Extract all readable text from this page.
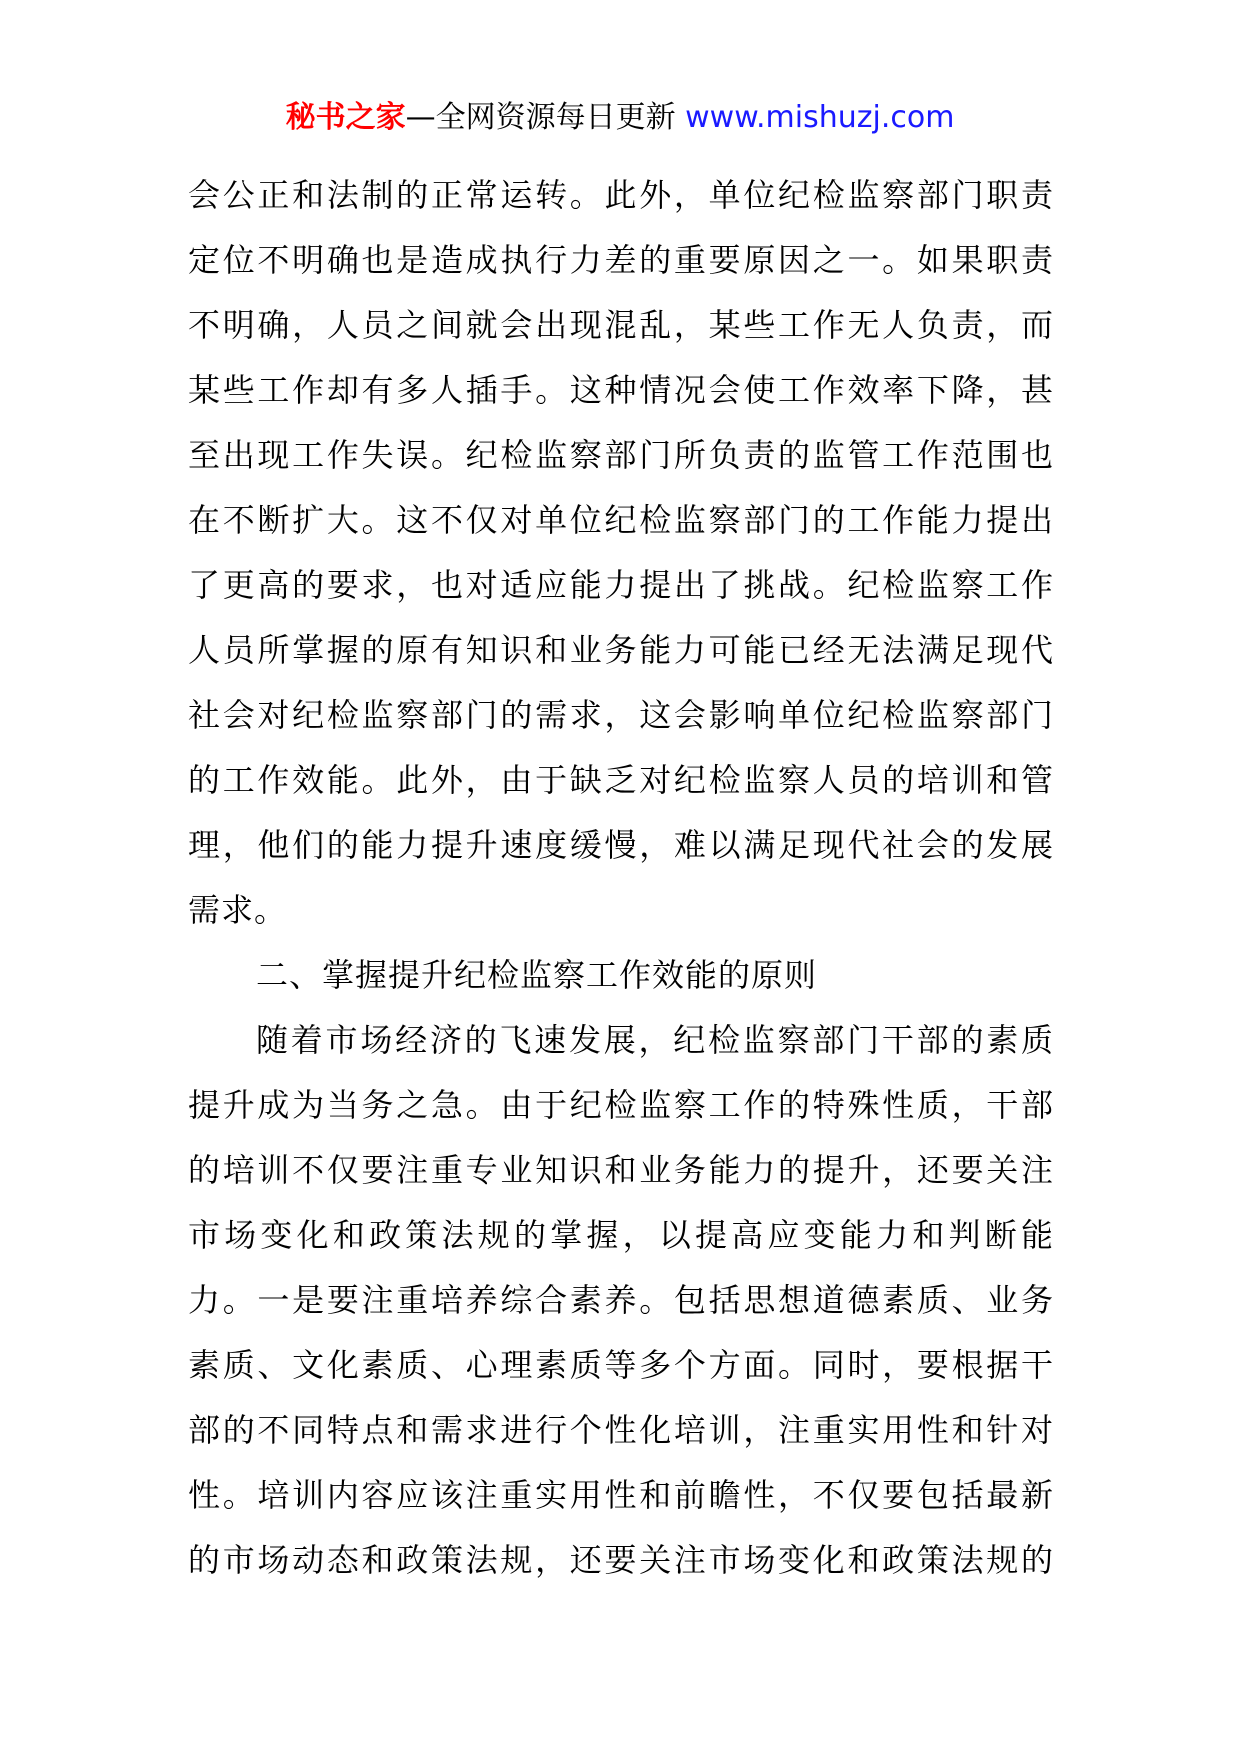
秘书之家—全网资源每日更新 www.mishuzj.com
会公正和法制的正常运转。此外，单位纪检监察部门职责
定位不明确也是造成执行力差的重要原因之一。如果职责
不明确，人员之间就会出现混乱，某些工作无人负责，而
某些工作却有多人插手。这种情况会使工作效率下降，甚
至出现工作失误。纪检监察部门所负责的监管工作范围也
在不断扩大。这不仅对单位纪检监察部门的工作能力提出
了更高的要求，也对适应能力提出了挑战。纪检监察工作
人员所掌握的原有知识和业务能力可能已经无法满足现代
社会对纪检监察部门的需求，这会影响单位纪检监察部门
的工作效能。此外，由于缺乏对纪检监察人员的培训和管
理，他们的能力提升速度缓慢，难以满足现代社会的发展
需求。
二、掌握提升纪检监察工作效能的原则
随着市场经济的飞速发展，纪检监察部门干部的素质
提升成为当务之急。由于纪检监察工作的特殊性质，干部
的培训不仅要注重专业知识和业务能力的提升，还要关注
市场变化和政策法规的掌握，以提高应变能力和判断能
力。一是要注重培养综合素养。包括思想道德素质、业务
素质、文化素质、心理素质等多个方面。同时，要根据干
部的不同特点和需求进行个性化培训，注重实用性和针对
性。培训内容应该注重实用性和前瞻性，不仅要包括最新
的市场动态和政策法规，还要关注市场变化和政策法规的
